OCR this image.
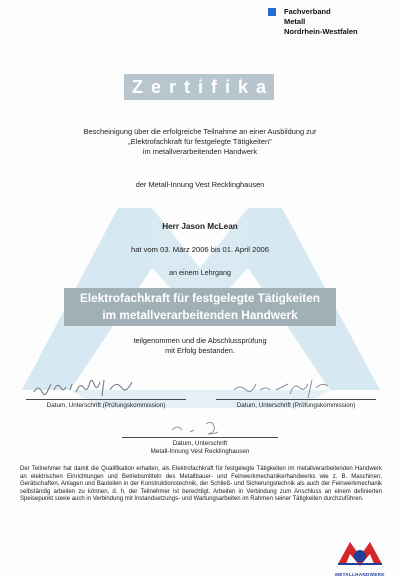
Fachverband
Metall
Nordrhein-Westfalen
Zertifikat
Bescheinigung über die erfolgreiche Teilnahme an einer Ausbildung zur
„Elektrofachkraft für festgelegte Tätigkeiten"
im metallverarbeitenden Handwerk
der Metall-Innung Vest Recklinghausen
Herr Jason McLean
hat vom 03. März 2006 bis 01. April 2006
an einem Lehrgang
Elektrofachkraft für festgelegte Tätigkeiten
im metallverarbeitenden Handwerk
teilgenommen und die Abschlussprüfung
mit Erfolg bestanden.
Datum, Unterschrift (Prüfungskommission)	Datum, Unterschrift (Prüfungskommission)
Datum, Unterschrift
Metall-Innung Vest Recklinghausen
Der Teilnehmer hat damit die Qualifikation erhalten, als Elektrofachkraft für festgelegte Tätigkeiten im metallverarbeitenden Handwerk an elektrischen Einrichtungen und Betriebsmitteln des Metallbauer- und Feinwerkmechanikerhandwerks wie z. B. Maschinen, Gerätschaften, Anlagen und Bauteilen in der Konstruktionstechnik, der Schließ- und Sicherungstechnik als auch der Feinwerkmechanik selbständig arbeiten zu können, d. h. der Teilnehmer ist berechtigt, Arbeiten in Verbindung zum Anschluss an einem definierten Speisepunkt sowie auch in Verbindung mit Instandsetzungs- und Wartungsarbeiten im Rahmen seiner Tätigkeiten durchzuführen.
METALLHANDWERK
